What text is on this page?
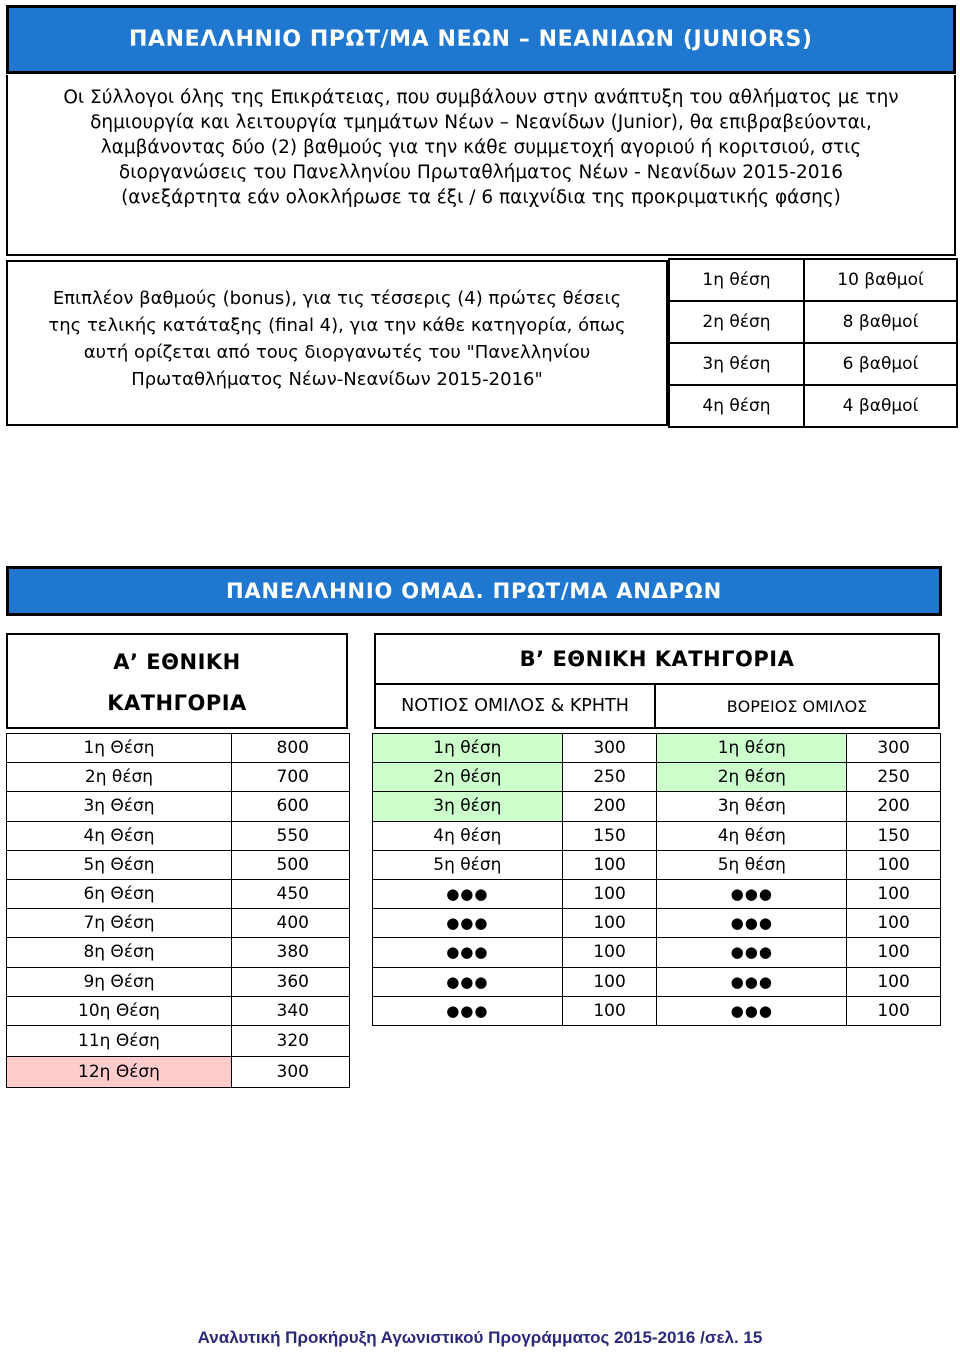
ΠΑΝΕΛΛΗΝΙΟ ΠΡΩΤ/ΜΑ ΝΕΩΝ – ΝΕΑΝΙΔΩΝ (JUNIORS)
Οι Σύλλογοι όλης της Επικράτειας, που συμβάλουν στην ανάπτυξη του αθλήματος με την
δημιουργία και λειτουργία τμημάτων Νέων – Νεανίδων (Junior), θα επιβραβεύονται,
λαμβάνοντας δύο (2) βαθμούς για την κάθε συμμετοχή αγοριού ή κοριτσιού, στις
διοργανώσεις του Πανελληνίου Πρωταθλήματος Νέων - Νεανίδων 2015-2016
(ανεξάρτητα εάν ολοκλήρωσε τα έξι / 6 παιχνίδια της προκριματικής φάσης)
Επιπλέον βαθμούς (bonus), για τις τέσσερις (4) πρώτες θέσεις
της τελικής κατάταξης (final 4), για την κάθε κατηγορία, όπως
αυτή ορίζεται από τους διοργανωτές του "Πανελληνίου
Πρωταθλήματος Νέων-Νεανίδων 2015-2016"
1η θέση	10 βαθμοί
2η θέση	8 βαθμοί
3η θέση	6 βαθμοί
4η θέση	4 βαθμοί
ΠΑΝΕΛΛΗΝΙΟ ΟΜΑΔ. ΠΡΩΤ/ΜΑ ΑΝΔΡΩΝ
Α’ ΕΘΝΙΚΗ
ΚΑΤΗΓΟΡΙΑ
Β’ ΕΘΝΙΚΗ ΚΑΤΗΓΟΡΙΑ
ΝΟΤΙΟΣ ΟΜΙΛΟΣ & ΚΡΗΤΗ	ΒΟΡΕΙΟΣ ΟΜΙΛΟΣ
1η Θέση	800
2η θέση	700
3η Θέση	600
4η Θέση	550
5η Θέση	500
6η Θέση	450
7η Θέση	400
8η Θέση	380
9η Θέση	360
10η Θέση	340
11η Θέση	320
12η Θέση	300
1η θέση	300	1η θέση	300
2η θέση	250	2η θέση	250
3η θέση	200	3η θέση	200
4η θέση	150	4η θέση	150
5η θέση	100	5η θέση	100
●●●	100	●●●	100
●●●	100	●●●	100
●●●	100	●●●	100
●●●	100	●●●	100
●●●	100	●●●	100
Αναλυτική Προκήρυξη Αγωνιστικού Προγράμματος 2015-2016 /σελ. 15
